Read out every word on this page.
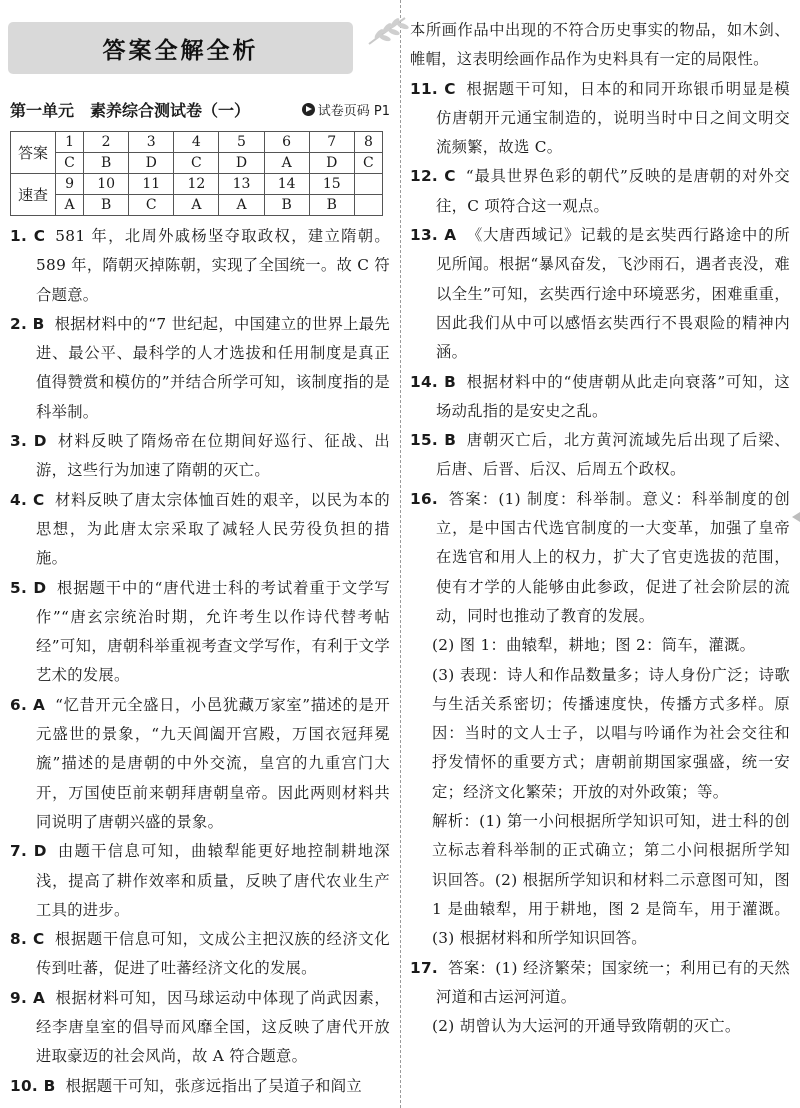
答案全解全析
第一单元　素养综合测试卷（一）	试卷页码 P1
答案	1	2	3	4	5	6	7	8
	C	B	D	C	D	A	D	C
速查	9	10	11	12	13	14	15	
	A	B	C	A	A	B	B	
1. C 581 年，北周外戚杨坚夺取政权，建立隋朝。589 年，隋朝灭掉陈朝，实现了全国统一。故 C 符合题意。
2. B 根据材料中的“7 世纪起，中国建立的世界上最先进、最公平、最科学的人才选拔和任用制度是真正值得赞赏和模仿的”并结合所学可知，该制度指的是科举制。
3. D 材料反映了隋炀帝在位期间好巡行、征战、出游，这些行为加速了隋朝的灭亡。
4. C 材料反映了唐太宗体恤百姓的艰辛，以民为本的思想，为此唐太宗采取了减轻人民劳役负担的措施。
5. D 根据题干中的“唐代进士科的考试着重于文学写作”“唐玄宗统治时期，允许考生以作诗代替考帖经”可知，唐朝科举重视考查文学写作，有利于文学艺术的发展。
6. A “忆昔开元全盛日，小邑犹藏万家室”描述的是开元盛世的景象，“九天阊阖开宫殿，万国衣冠拜冕旒”描述的是唐朝的中外交流，皇宫的九重宫门大开，万国使臣前来朝拜唐朝皇帝。因此两则材料共同说明了唐朝兴盛的景象。
7. D 由题干信息可知，曲辕犁能更好地控制耕地深浅，提高了耕作效率和质量，反映了唐代农业生产工具的进步。
8. C 根据题干信息可知，文成公主把汉族的经济文化传到吐蕃，促进了吐蕃经济文化的发展。
9. A 根据材料可知，因马球运动中体现了尚武因素，经李唐皇室的倡导而风靡全国，这反映了唐代开放进取豪迈的社会风尚，故 A 符合题意。
10. B 根据题干可知，张彦远指出了吴道子和阎立
本所画作品中出现的不符合历史事实的物品，如木剑、帷帽，这表明绘画作品作为史料具有一定的局限性。
11. C 根据题干可知，日本的和同开珎银币明显是模仿唐朝开元通宝制造的，说明当时中日之间文明交流频繁，故选 C。
12. C “最具世界色彩的朝代”反映的是唐朝的对外交往，C 项符合这一观点。
13. A 《大唐西域记》记载的是玄奘西行路途中的所见所闻。根据“暴风奋发，飞沙雨石，遇者丧没，难以全生”可知，玄奘西行途中环境恶劣，困难重重，因此我们从中可以感悟玄奘西行不畏艰险的精神内涵。
14. B 根据材料中的“使唐朝从此走向衰落”可知，这场动乱指的是安史之乱。
15. B 唐朝灭亡后，北方黄河流域先后出现了后梁、后唐、后晋、后汉、后周五个政权。
16. 答案：(1) 制度：科举制。意义：科举制度的创立，是中国古代选官制度的一大变革，加强了皇帝在选官和用人上的权力，扩大了官吏选拔的范围，使有才学的人能够由此参政，促进了社会阶层的流动，同时也推动了教育的发展。
(2) 图 1：曲辕犁，耕地；图 2：筒车，灌溉。
(3) 表现：诗人和作品数量多；诗人身份广泛；诗歌与生活关系密切；传播速度快，传播方式多样。原因：当时的文人士子，以唱与吟诵作为社会交往和抒发情怀的重要方式；唐朝前期国家强盛，统一安定；经济文化繁荣；开放的对外政策；等。
解析：(1) 第一小问根据所学知识可知，进士科的创立标志着科举制的正式确立；第二小问根据所学知识回答。(2) 根据所学知识和材料二示意图可知，图 1 是曲辕犁，用于耕地，图 2 是筒车，用于灌溉。(3) 根据材料和所学知识回答。
17. 答案：(1) 经济繁荣；国家统一；利用已有的天然河道和古运河河道。
(2) 胡曾认为大运河的开通导致隋朝的灭亡。
